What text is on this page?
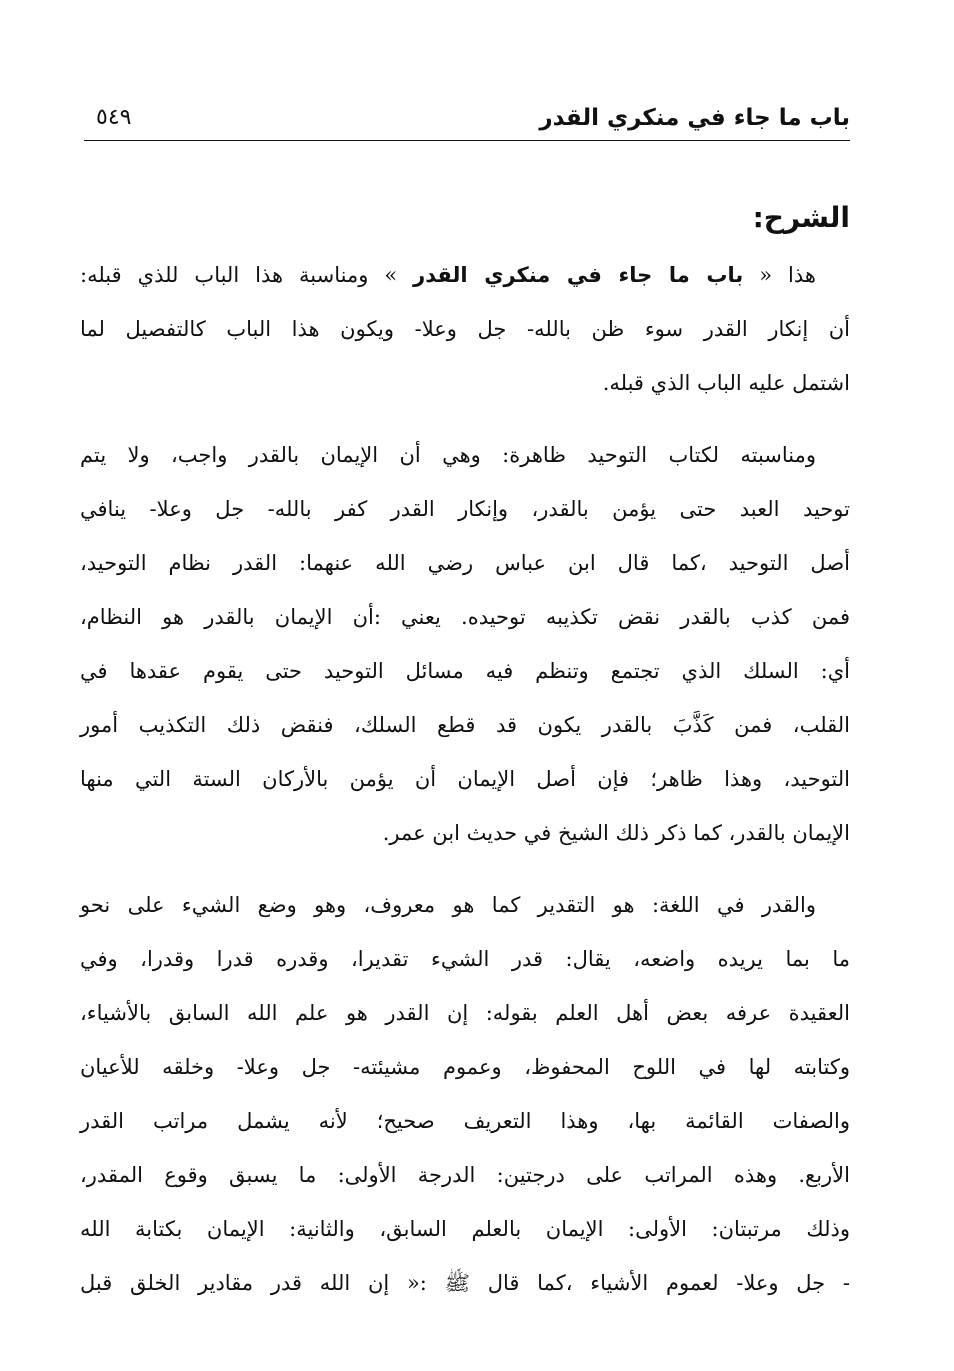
باب ما جاء في منكري القدر
٥٤٩
الشرح:
هذا « باب ما جاء في منكري القدر » ومناسبة هذا الباب للذي قبله:
أن إنكار القدر سوء ظن بالله- جل وعلا- ويكون هذا الباب كالتفصيل لما
اشتمل عليه الباب الذي قبله.
ومناسبته لكتاب التوحيد ظاهرة: وهي أن الإيمان بالقدر واجب، ولا يتم
توحيد العبد حتى يؤمن بالقدر، وإنكار القدر كفر بالله- جل وعلا- ينافي
أصل التوحيد ،كما قال ابن عباس رضي الله عنهما: القدر نظام التوحيد،
فمن كذب بالقدر نقض تكذيبه توحيده. يعني :أن الإيمان بالقدر هو النظام،
أي: السلك الذي تجتمع وتنظم فيه مسائل التوحيد حتى يقوم عقدها في
القلب، فمن كَذَّبَ بالقدر يكون قد قطع السلك، فنقض ذلك التكذيب أمور
التوحيد، وهذا ظاهر؛ فإن أصل الإيمان أن يؤمن بالأركان الستة التي منها
الإيمان بالقدر، كما ذكر ذلك الشيخ في حديث ابن عمر.
والقدر في اللغة: هو التقدير كما هو معروف، وهو وضع الشيء على نحو
ما بما يريده واضعه، يقال: قدر الشيء تقديرا، وقدره قدرا وقدرا، وفي
العقيدة عرفه بعض أهل العلم بقوله: إن القدر هو علم الله السابق بالأشياء،
وكتابته لها في اللوح المحفوظ، وعموم مشيئته- جل وعلا- وخلقه للأعيان
والصفات القائمة بها، وهذا التعريف صحيح؛ لأنه يشمل مراتب القدر
الأربع. وهذه المراتب على درجتين: الدرجة الأولى: ما يسبق وقوع المقدر،
وذلك مرتبتان: الأولى: الإيمان بالعلم السابق، والثانية: الإيمان بكتابة الله
- جل وعلا- لعموم الأشياء ،كما قال ﷺ :« إن الله قدر مقادير الخلق قبل
